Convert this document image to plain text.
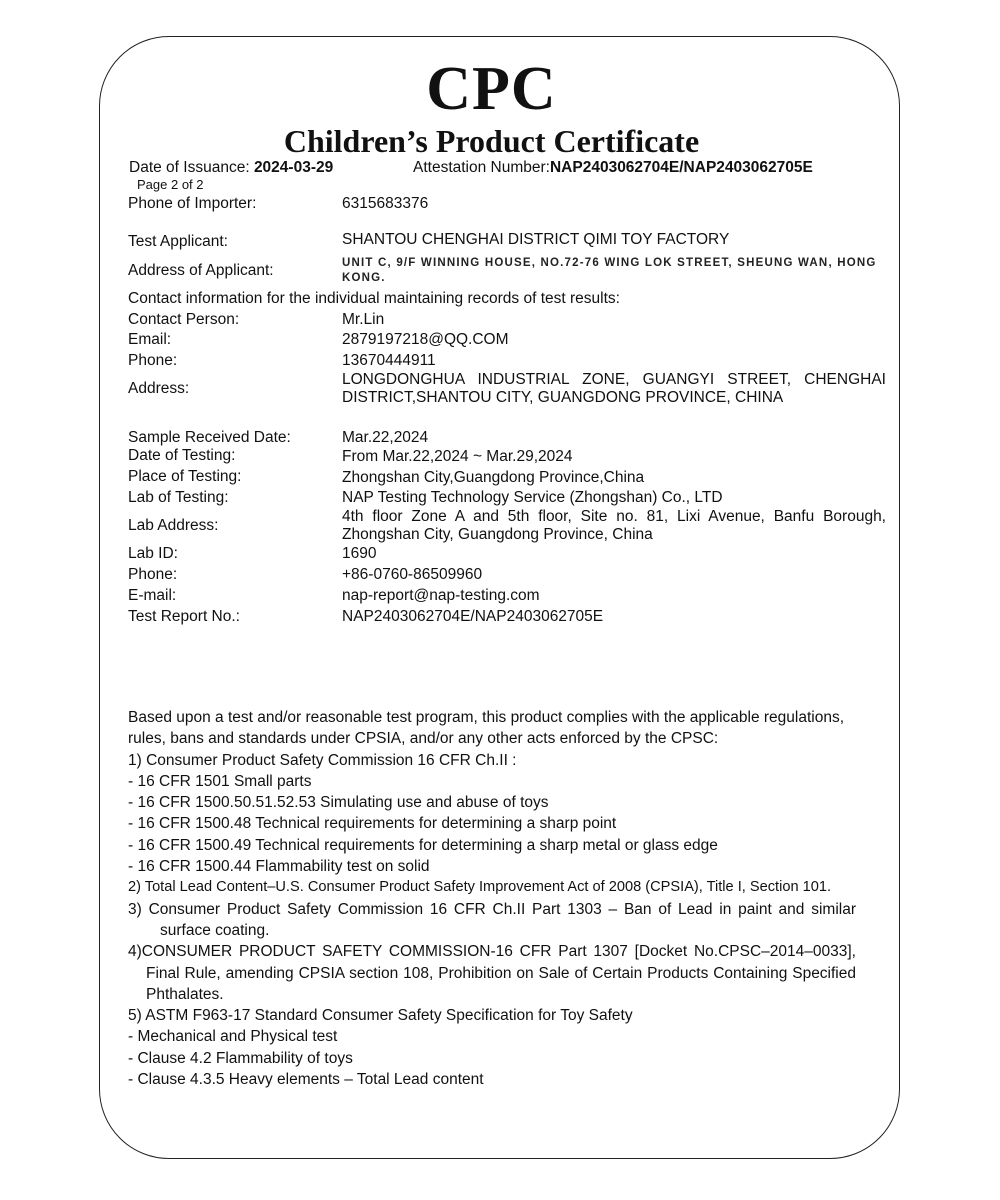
CPC
Children’s Product Certificate
Date of Issuance: 2024-03-29	Attestation Number:NAP2403062704E/NAP2403062705E
Page 2 of 2
Phone of Importer:	6315683376
Test Applicant:	SHANTOU CHENGHAI DISTRICT QIMI TOY FACTORY
Address of Applicant:	UNIT C, 9/F WINNING HOUSE, NO.72-76 WING LOK STREET, SHEUNG WAN, HONG KONG.
Contact information for the individual maintaining records of test results:
Contact Person:	Mr.Lin
Email:	2879197218@QQ.COM
Phone:	13670444911
Address:
LONGDONGHUA INDUSTRIAL ZONE, GUANGYI STREET, CHENGHAI DISTRICT,SHANTOU CITY, GUANGDONG PROVINCE, CHINA
Sample Received Date:	Mar.22,2024
Date of Testing:	From Mar.22,2024 ~ Mar.29,2024
Place of Testing:	Zhongshan City,Guangdong Province,China
Lab of Testing:	NAP Testing Technology Service (Zhongshan) Co., LTD
Lab Address:
4th floor Zone A and 5th floor, Site no. 81, Lixi Avenue, Banfu Borough, Zhongshan City, Guangdong Province, China
Lab ID:	1690
Phone:	+86-0760-86509960
E-mail:	nap-report@nap-testing.com
Test Report No.:	NAP2403062704E/NAP2403062705E

Based upon a test and/or reasonable test program, this product complies with the applicable regulations, rules, bans and standards under CPSIA, and/or any other acts enforced by the CPSC:

1) Consumer Product Safety Commission 16 CFR Ch.II :

- 16 CFR 1501 Small parts

- 16 CFR 1500.50.51.52.53 Simulating use and abuse of toys

- 16 CFR 1500.48 Technical requirements for determining a sharp point

- 16 CFR 1500.49 Technical requirements for determining a sharp metal or glass edge

- 16 CFR 1500.44 Flammability test on solid

2) Total Lead Content–U.S. Consumer Product Safety Improvement Act of 2008 (CPSIA), Title I, Section 101.

3) Consumer Product Safety Commission 16 CFR Ch.II Part 1303 – Ban of Lead in paint and similar surface coating.

4)CONSUMER PRODUCT SAFETY COMMISSION-16 CFR Part 1307 [Docket No.CPSC–2014–0033], Final Rule, amending CPSIA section 108, Prohibition on Sale of Certain Products Containing Specified Phthalates.

5) ASTM F963-17 Standard Consumer Safety Specification for Toy Safety

- Mechanical and Physical test

- Clause 4.2 Flammability of toys

- Clause 4.3.5 Heavy elements – Total Lead content
